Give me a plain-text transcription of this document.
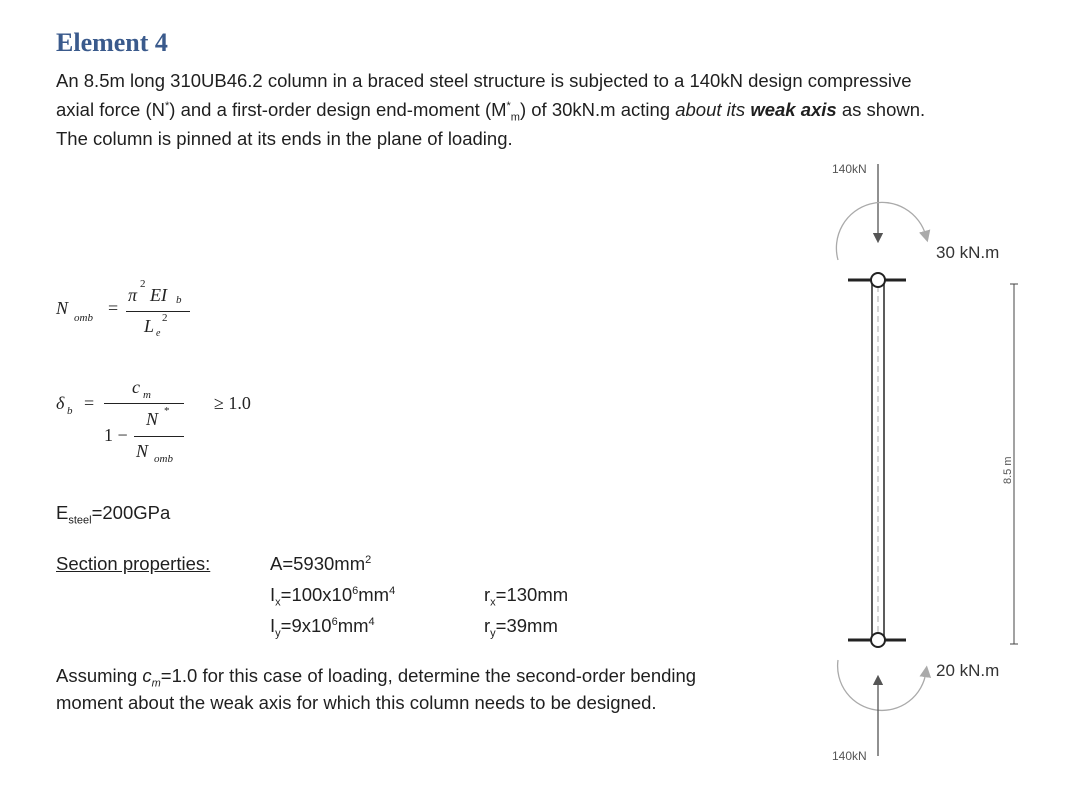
Element 4
An 8.5m long 310UB46.2 column in a braced steel structure is subjected to a 140kN design compressive
axial force (N*) and a first-order design end-moment $(M^*_m)$ of 30kN.m acting about its weak axis as shown.
The column is pinned at its ends in the plane of loading.
N omb =
π
2
EI b
L e
2
δ b =
c m
1 −
N *
N omb
≥ 1.0
$E_{steel}=200GPa$
Section properties:	$A=5930mm^2$
$I_x=100x10^6mm^4$
$I_y=9x10^6mm^4$
$r_x=130mm$
$r_y=39mm$
Assuming $c_m=1.0$ for this case of loading, determine the second-order bending
moment about the weak axis for which this column needs to be designed.
140kN
30 kN.m
20 kN.m
140kN
8.5 m
